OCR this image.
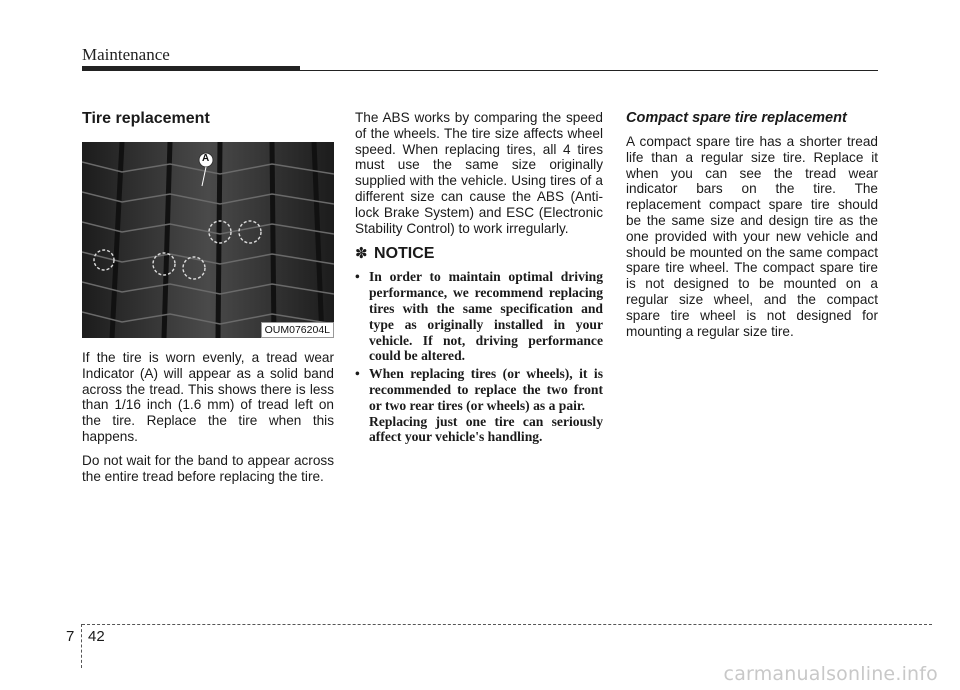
Maintenance
Tire replacement
A
OUM076204L

If the tire is worn evenly, a tread wear Indicator (A) will appear as a solid band across the tread. This shows there is less than 1/16 inch (1.6 mm) of tread left on the tire. Replace the tire when this happens.

Do not wait for the band to appear across the entire tread before replacing the tire.

The ABS works by comparing the speed of the wheels. The tire size affects wheel speed. When replacing tires, all 4 tires must use the same size originally supplied with the vehicle. Using tires of a different size can cause the ABS (Anti-lock Brake System) and ESC (Electronic Stability Control) to work irregularly.

✽ NOTICE
• In order to maintain optimal driving performance, we recommend replacing tires with the same specification and type as originally installed in your vehicle. If not, driving performance could be altered.
• When replacing tires (or wheels), it is recommended to replace the two front or two rear tires (or wheels) as a pair.
Replacing just one tire can seriously affect your vehicle's handling.
Compact spare tire replacement

A compact spare tire has a shorter tread life than a regular size tire. Replace it when you can see the tread wear indicator bars on the tire. The replacement compact spare tire should be the same size and design tire as the one provided with your new vehicle and should be mounted on the same compact spare tire wheel. The compact spare tire is not designed to be mounted on a regular size wheel, and the compact spare tire wheel is not designed for mounting a regular size tire.

7 42
carmanualsonline.info
